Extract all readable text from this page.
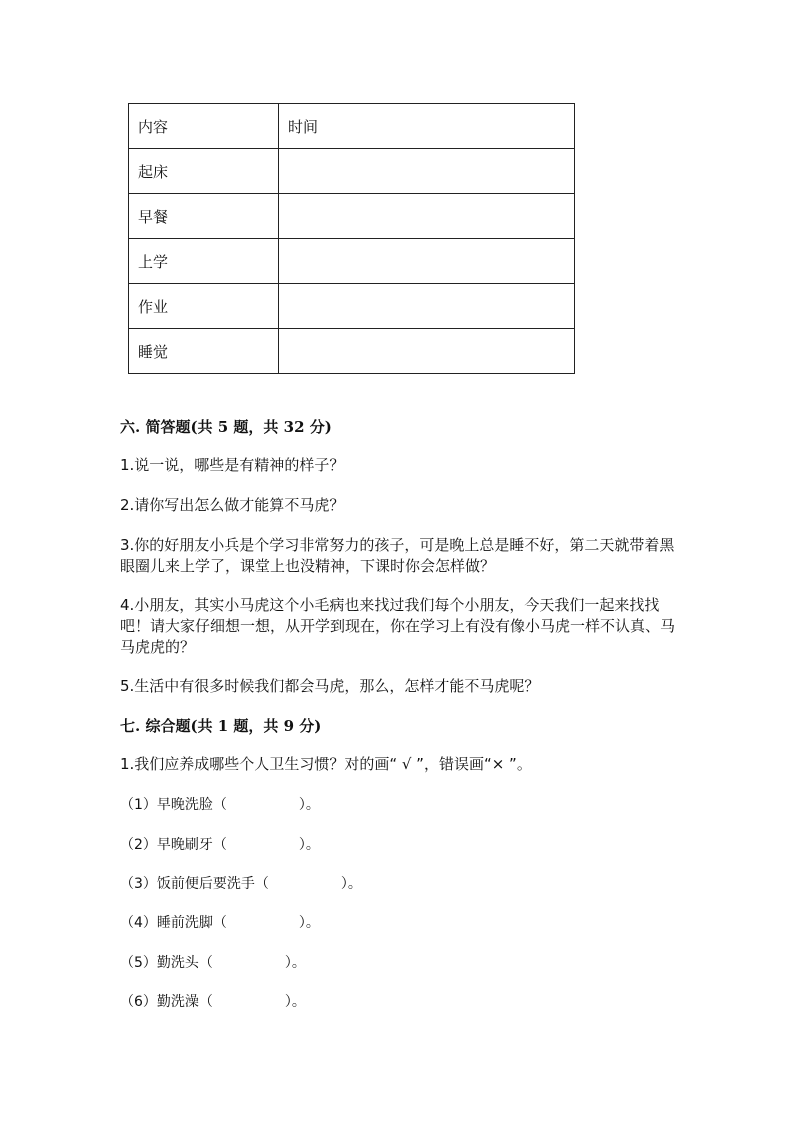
内容	时间
起床	
早餐	
上学	
作业	
睡觉	
六. 简答题(共 5 题，共 32 分)
1.说一说，哪些是有精神的样子？
2.请你写出怎么做才能算不马虎？
3.你的好朋友小兵是个学习非常努力的孩子，可是晚上总是睡不好，第二天就带着黑眼圈儿来上学了，课堂上也没精神，下课时你会怎样做？
4.小朋友，其实小马虎这个小毛病也来找过我们每个小朋友，今天我们一起来找找吧！请大家仔细想一想，从开学到现在，你在学习上有没有像小马虎一样不认真、马马虎虎的？
5.生活中有很多时候我们都会马虎，那么，怎样才能不马虎呢？
七. 综合题(共 1 题，共 9 分)
1.我们应养成哪些个人卫生习惯？对的画“ √ ”，错误画“× ”。
（1）早晚洗脸（	）。
（2）早晚刷牙（	）。
（3）饭前便后要洗手（	）。
（4）睡前洗脚（	）。
（5）勤洗头（	）。
（6）勤洗澡（	）。
